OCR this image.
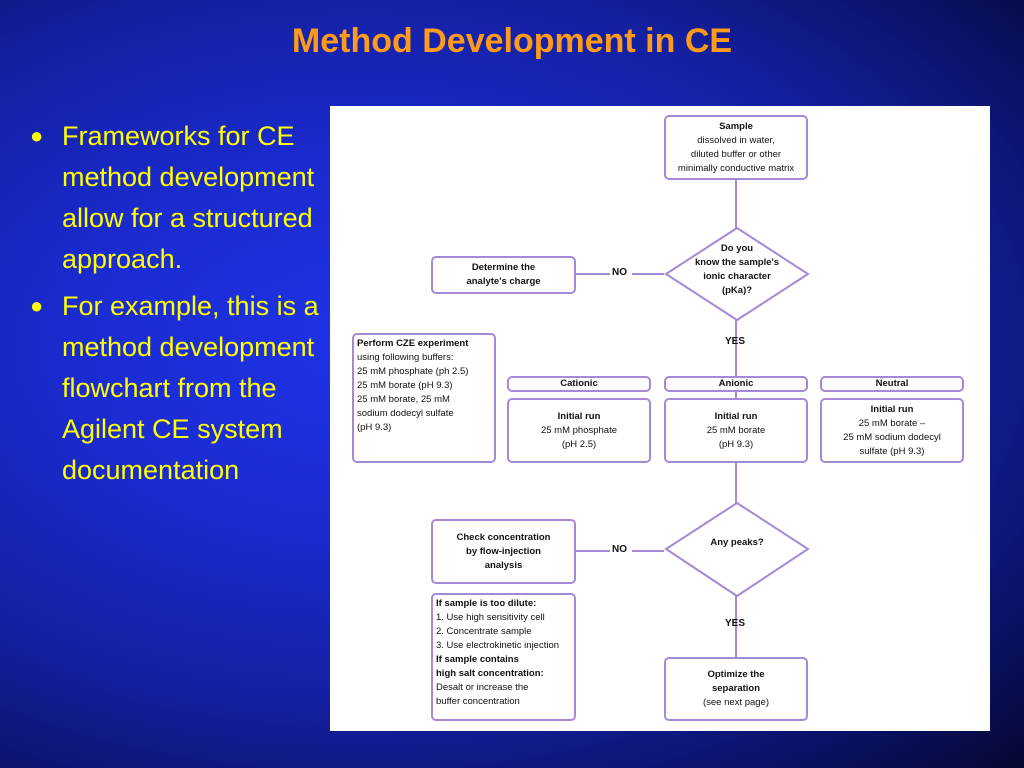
Method Development in CE
● Frameworks for CE method development allow for a structured approach.
● For example, this is a method development flowchart from the Agilent CE system documentation
Sample
dissolved in water,
diluted buffer or other
minimally conductive matrix
Do you
know the sample's
ionic character
(pKa)?
Determine the
analyte's charge
NO
YES
Perform CZE experiment
using following buffers:
25 mM phosphate (ph 2.5)
25 mM borate (pH 9.3)
25 mM borate, 25 mM
sodium dodecyl sulfate
(pH 9.3)
Cationic	Anionic	Neutral
Initial run
25 mM phosphate
(pH 2.5)
Initial run
25 mM borate
(pH 9.3)
Initial run
25 mM borate –
25 mM sodium dodecyl
sulfate (pH 9.3)
Any peaks?
Check concentration
by flow-injection
analysis
NO
YES
If sample is too dilute:
1. Use high sensitivity cell
2. Concentrate sample
3. Use electrokinetic injection
If sample contains
high salt concentration:
Desalt or increase the
buffer concentration
Optimize the
separation
(see next page)
